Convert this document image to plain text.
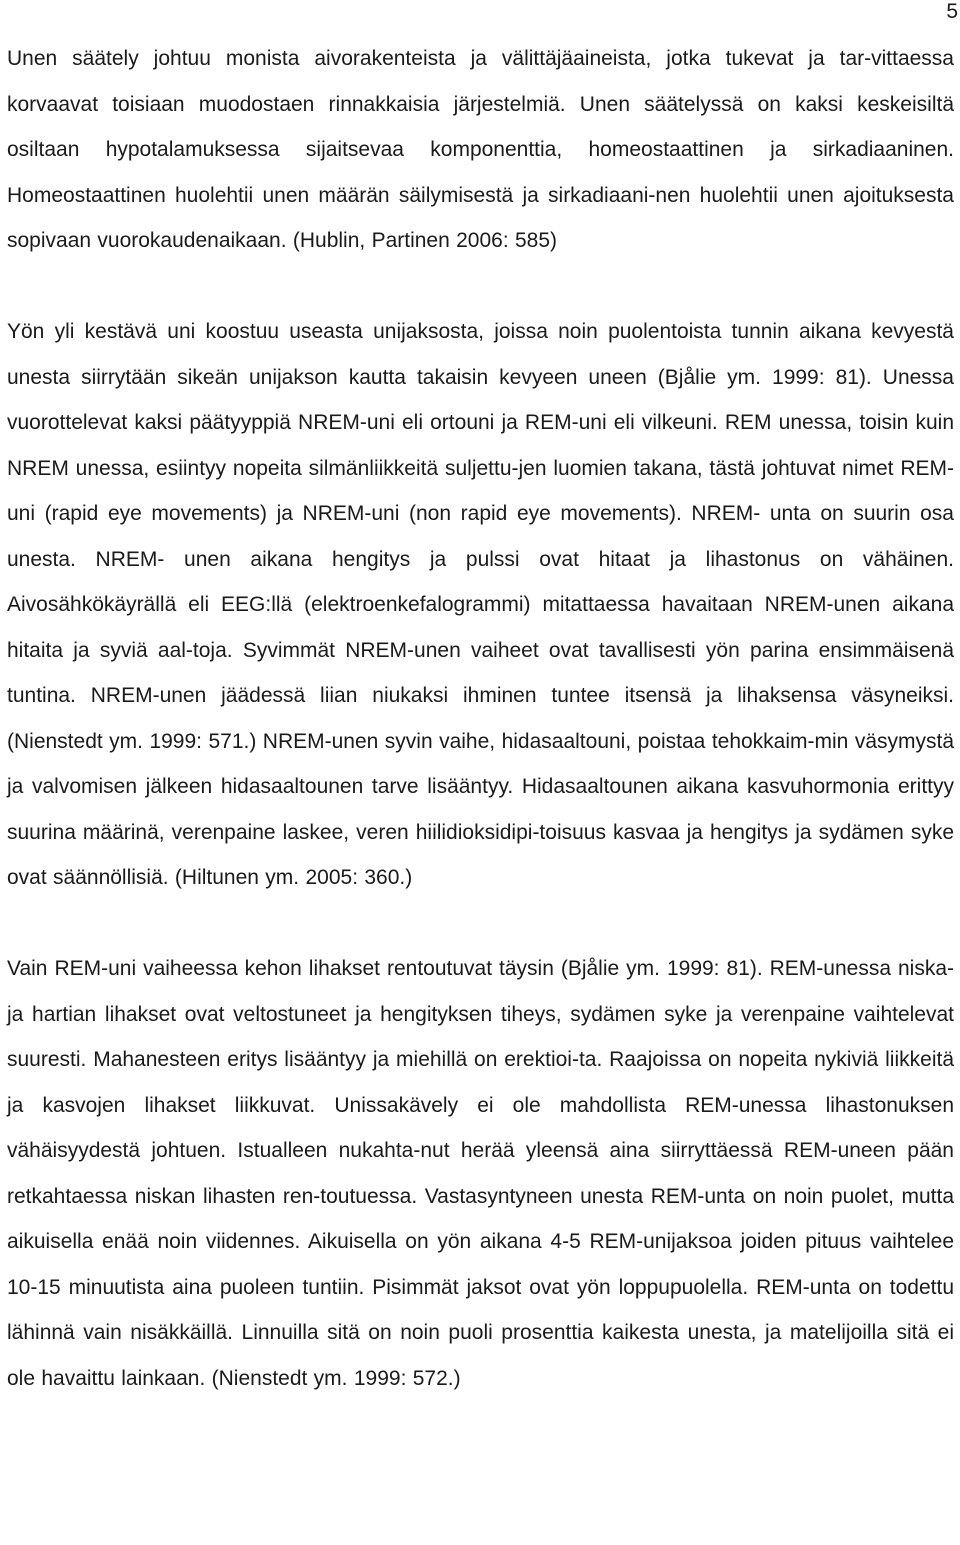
5

Unen säätely johtuu monista aivorakenteista ja välittäjäaineista, jotka tukevat ja tar-vittaessa korvaavat toisiaan muodostaen rinnakkaisia järjestelmiä. Unen säätelyssä on kaksi keskeisiltä osiltaan hypotalamuksessa sijaitsevaa komponenttia, homeostaattinen ja sirkadiaaninen. Homeostaattinen huolehtii unen määrän säilymisestä ja sirkadiaani-nen huolehtii unen ajoituksesta sopivaan vuorokaudenaikaan. (Hublin, Partinen 2006: 585)

Yön yli kestävä uni koostuu useasta unijaksosta, joissa noin puolentoista tunnin aikana kevyestä unesta siirrytään sikeän unijakson kautta takaisin kevyeen uneen (Bjålie ym. 1999: 81). Unessa vuorottelevat kaksi päätyyppiä NREM-uni eli ortouni ja REM-uni eli vilkeuni. REM unessa, toisin kuin NREM unessa, esiintyy nopeita silmänliikkeitä suljettu-jen luomien takana, tästä johtuvat nimet REM-uni (rapid eye movements) ja NREM-uni (non rapid eye movements). NREM- unta on suurin osa unesta. NREM- unen aikana hengitys ja pulssi ovat hitaat ja lihastonus on vähäinen. Aivosähkökäyrällä eli EEG:llä (elektroenkefalogrammi) mitattaessa havaitaan NREM-unen aikana hitaita ja syviä aal-toja. Syvimmät NREM-unen vaiheet ovat tavallisesti yön parina ensimmäisenä tuntina. NREM-unen jäädessä liian niukaksi ihminen tuntee itsensä ja lihaksensa väsyneiksi. (Nienstedt ym. 1999: 571.) NREM-unen syvin vaihe, hidasaaltouni, poistaa tehokkaim-min väsymystä ja valvomisen jälkeen hidasaaltounen tarve lisääntyy. Hidasaaltounen aikana kasvuhormonia erittyy suurina määrinä, verenpaine laskee, veren hiilidioksidipi-toisuus kasvaa ja hengitys ja sydämen syke ovat säännöllisiä. (Hiltunen ym. 2005: 360.)

Vain REM-uni vaiheessa kehon lihakset rentoutuvat täysin (Bjålie ym. 1999: 81). REM-unessa niska- ja hartian lihakset ovat veltostuneet ja hengityksen tiheys, sydämen syke ja verenpaine vaihtelevat suuresti. Mahanesteen eritys lisääntyy ja miehillä on erektioi-ta. Raajoissa on nopeita nykiviä liikkeitä ja kasvojen lihakset liikkuvat. Unissakävely ei ole mahdollista REM-unessa lihastonuksen vähäisyydestä johtuen. Istualleen nukahta-nut herää yleensä aina siirryttäessä REM-uneen pään retkahtaessa niskan lihasten ren-toutuessa. Vastasyntyneen unesta REM-unta on noin puolet, mutta aikuisella enää noin viidennes. Aikuisella on yön aikana 4-5 REM-unijaksoa joiden pituus vaihtelee 10-15 minuutista aina puoleen tuntiin. Pisimmät jaksot ovat yön loppupuolella. REM-unta on todettu lähinnä vain nisäkkäillä. Linnuilla sitä on noin puoli prosenttia kaikesta unesta, ja matelijoilla sitä ei ole havaittu lainkaan. (Nienstedt ym. 1999: 572.)
